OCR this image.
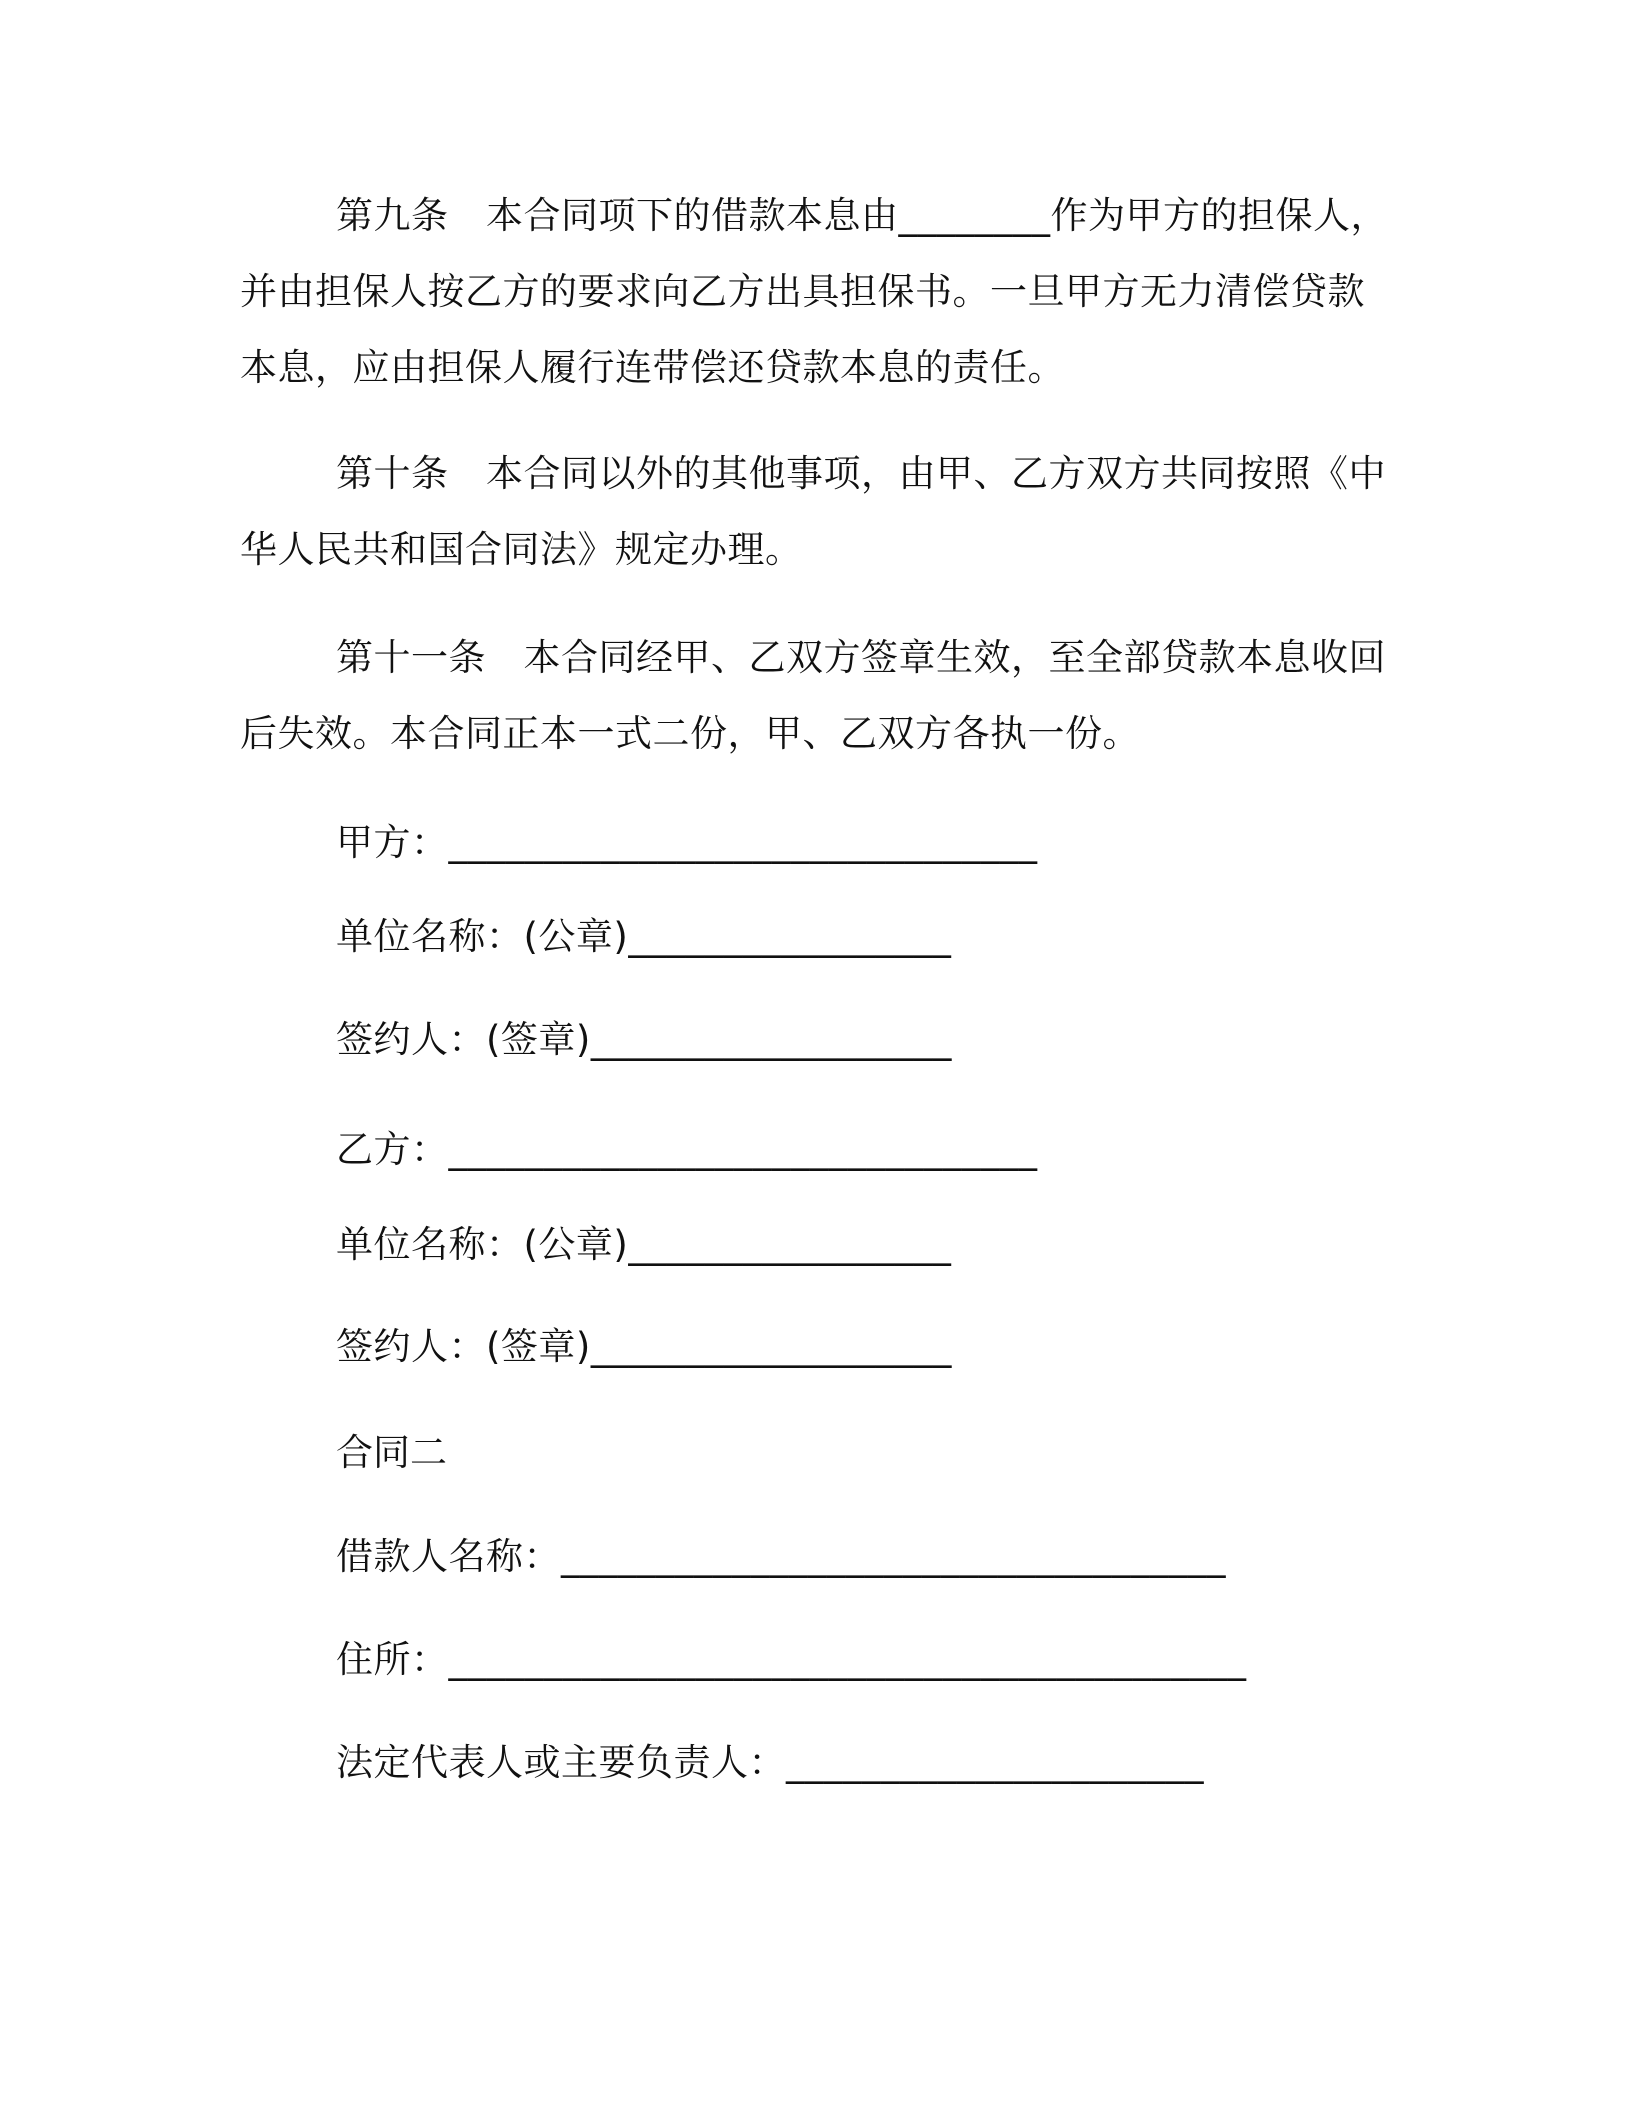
第九条　本合同项下的借款本息由________作为甲方的担保人，并由担保人按乙方的要求向乙方出具担保书。一旦甲方无力清偿贷款本息，应由担保人履行连带偿还贷款本息的责任。

第十条　本合同以外的其他事项，由甲、乙方双方共同按照《中华人民共和国合同法》规定办理。

第十一条　本合同经甲、乙双方签章生效，至全部贷款本息收回后失效。本合同正本一式二份，甲、乙双方各执一份。

甲方：_______________________________

单位名称：(公章)_________________

签约人：(签章)___________________

乙方：_______________________________

单位名称：(公章)_________________

签约人：(签章)___________________

合同二

借款人名称：___________________________________

住所：__________________________________________

法定代表人或主要负责人：______________________
